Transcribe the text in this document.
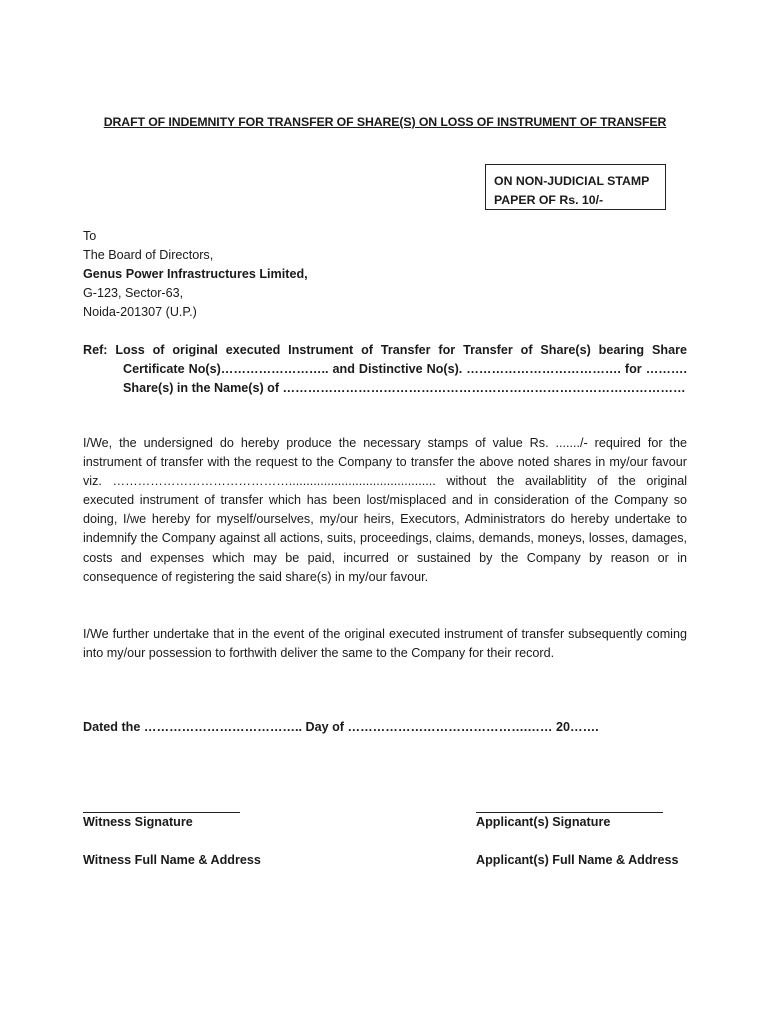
DRAFT OF INDEMNITY FOR TRANSFER OF SHARE(S) ON LOSS OF INSTRUMENT OF TRANSFER
ON NON-JUDICIAL STAMP
PAPER OF Rs. 10/-
To
The Board of Directors,
Genus Power Infrastructures Limited,
G-123, Sector-63,
Noida-201307 (U.P.)
Ref: Loss of original executed Instrument of Transfer for Transfer of Share(s) bearing Share
Certificate No(s)…………………….. and Distinctive No(s). ………………………………. for ……….
Share(s) in the Name(s) of ……………………………………………………………………………………
I/We, the undersigned do hereby produce the necessary stamps of value Rs. ......./- required for the instrument of transfer with the request to the Company to transfer the above noted shares in my/our favour viz. …………………………………….......................................... without the availablitity of the original executed instrument of transfer which has been lost/misplaced and in consideration of the Company so doing, I/we hereby for myself/ourselves, my/our heirs, Executors, Administrators do hereby undertake to indemnify the Company against all actions, suits, proceedings, claims, demands, moneys, losses, damages, costs and expenses which may be paid, incurred or sustained by the Company by reason or in consequence of registering the said share(s) in my/our favour.
I/We further undertake that in the event of the original executed instrument of transfer subsequently coming into my/our possession to forthwith deliver the same to the Company for their record.
Dated the ……………………………….. Day of …………………………………….…… 20…….
Witness Signature	Applicant(s) Signature
Witness Full Name & Address	Applicant(s) Full Name & Address
